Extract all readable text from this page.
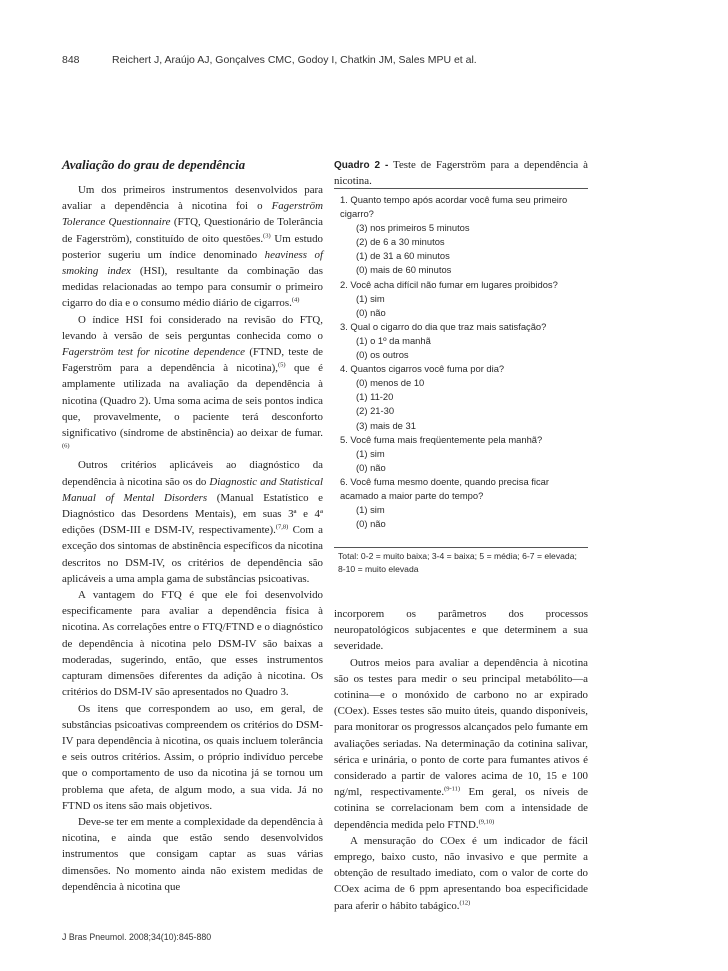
848	Reichert J, Araújo AJ, Gonçalves CMC, Godoy I, Chatkin JM, Sales MPU et al.
Avaliação do grau de dependência

Um dos primeiros instrumentos desenvolvidos para avaliar a dependência à nicotina foi o Fagerström Tolerance Questionnaire (FTQ, Questionário de Tolerância de Fagerström), constituído de oito questões.$^{(3)}$ Um estudo posterior sugeriu um índice denominado heaviness of smoking index (HSI), resultante da combinação das medidas relacionadas ao tempo para consumir o primeiro cigarro do dia e o consumo médio diário de cigarros.$^{(4)}$

O índice HSI foi considerado na revisão do FTQ, levando à versão de seis perguntas conhecida como o Fagerström test for nicotine dependence (FTND, teste de Fagerström para a dependência à nicotina),$^{(5)}$ que é amplamente utilizada na avaliação da dependência à nicotina (Quadro 2). Uma soma acima de seis pontos indica que, provavelmente, o paciente terá desconforto significativo (síndrome de abstinência) ao deixar de fumar.$^{(6)}$

Outros critérios aplicáveis ao diagnóstico da dependência à nicotina são os do Diagnostic and Statistical Manual of Mental Disorders (Manual Estatístico e Diagnóstico das Desordens Mentais), em suas 3ª e 4ª edições (DSM-III e DSM-IV, respectivamente).$^{(7,8)}$ Com a exceção dos sintomas de abstinência específicos da nicotina descritos no DSM-IV, os critérios de dependência são aplicáveis a uma ampla gama de substâncias psicoativas.

A vantagem do FTQ é que ele foi desenvolvido especificamente para avaliar a dependência física à nicotina. As correlações entre o FTQ/FTND e o diagnóstico de dependência à nicotina pelo DSM-IV são baixas a moderadas, sugerindo, então, que esses instrumentos capturam dimensões diferentes da adição à nicotina. Os critérios do DSM-IV são apresentados no Quadro 3.

Os itens que correspondem ao uso, em geral, de substâncias psicoativas compreendem os critérios do DSM-IV para dependência à nicotina, os quais incluem tolerância e seis outros critérios. Assim, o próprio indivíduo percebe que o comportamento de uso da nicotina já se tornou um problema que afeta, de algum modo, a sua vida. Já no FTND os itens são mais objetivos.

Deve-se ter em mente a complexidade da dependência à nicotina, e ainda que estão sendo desenvolvidos instrumentos que consigam captar as suas várias dimensões. No momento ainda não existem medidas de dependência à nicotina que

Quadro 2 - Teste de Fagerström para a dependência à nicotina.
1. Quanto tempo após acordar você fuma seu primeiro
cigarro?
(3) nos primeiros 5 minutos
(2) de 6 a 30 minutos
(1) de 31 a 60 minutos
(0) mais de 60 minutos
2. Você acha difícil não fumar em lugares proibidos?
(1) sim
(0) não
3. Qual o cigarro do dia que traz mais satisfação?
(1) o 1º da manhã
(0) os outros
4. Quantos cigarros você fuma por dia?
(0) menos de 10
(1) 11-20
(2) 21-30
(3) mais de 31
5. Você fuma mais freqüentemente pela manhã?
(1) sim
(0) não
6. Você fuma mesmo doente, quando precisa ficar
acamado a maior parte do tempo?
(1) sim
(0) não
Total: 0-2 = muito baixa; 3-4 = baixa; 5 = média; 6-7 = elevada;
8-10 = muito elevada

incorporem os parâmetros dos processos neuropatológicos subjacentes e que determinem a sua severidade.

Outros meios para avaliar a dependência à nicotina são os testes para medir o seu principal metabólito—a cotinina—e o monóxido de carbono no ar expirado (COex). Esses testes são muito úteis, quando disponíveis, para monitorar os progressos alcançados pelo fumante em avaliações seriadas. Na determinação da cotinina salivar, sérica e urinária, o ponto de corte para fumantes ativos é considerado a partir de valores acima de 10, 15 e 100 ng/ml, respectivamente.$^{(9-11)}$ Em geral, os níveis de cotinina se correlacionam bem com a intensidade de dependência medida pelo FTND.$^{(9,10)}$

A mensuração do COex é um indicador de fácil emprego, baixo custo, não invasivo e que permite a obtenção de resultado imediato, com o valor de corte do COex acima de 6 ppm apresentando boa especificidade para aferir o hábito tabágico.$^{(12)}$

J Bras Pneumol. 2008;34(10):845-880
